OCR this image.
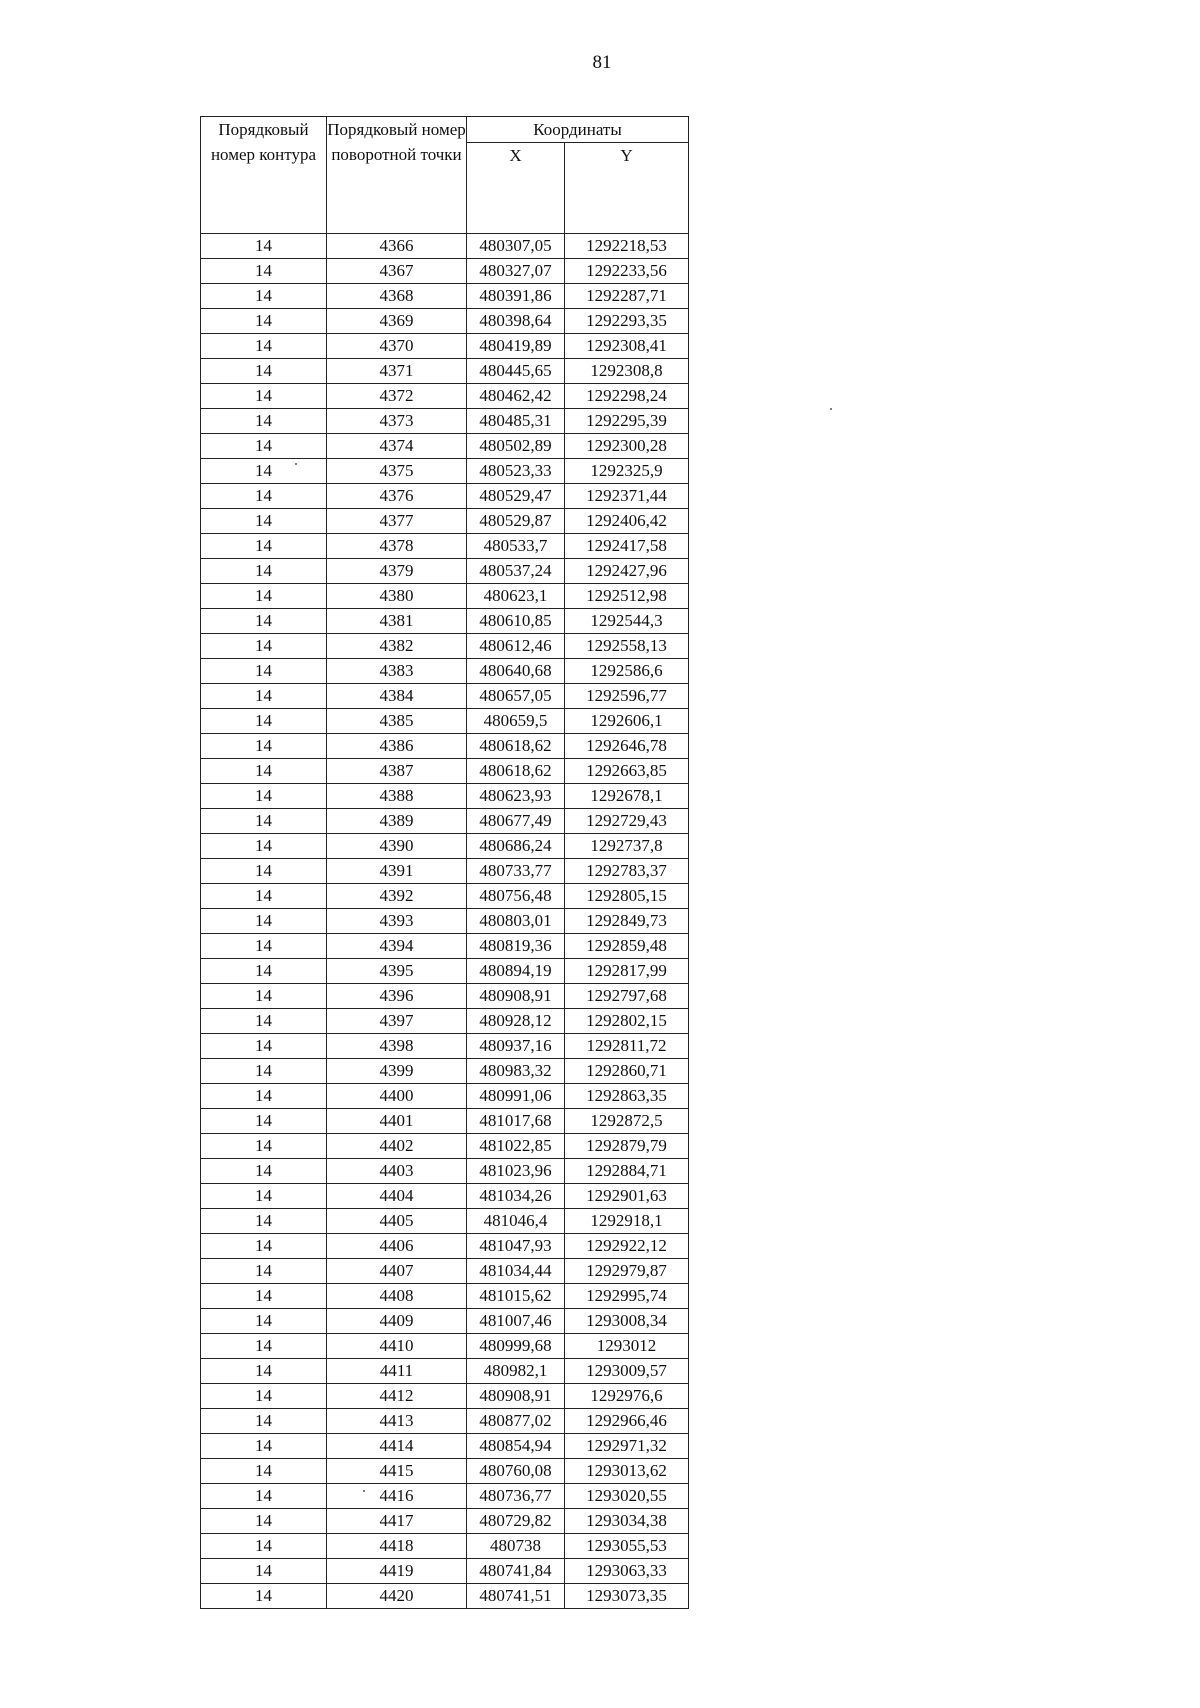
81
Порядковый номер контура	Порядковый номер поворотной точки	Координаты	
		X	Y
14	4366	480307,05	1292218,53
14	4367	480327,07	1292233,56
14	4368	480391,86	1292287,71
14	4369	480398,64	1292293,35
14	4370	480419,89	1292308,41
14	4371	480445,65	1292308,8
14	4372	480462,42	1292298,24
14	4373	480485,31	1292295,39
14	4374	480502,89	1292300,28
14	4375	480523,33	1292325,9
14	4376	480529,47	1292371,44
14	4377	480529,87	1292406,42
14	4378	480533,7	1292417,58
14	4379	480537,24	1292427,96
14	4380	480623,1	1292512,98
14	4381	480610,85	1292544,3
14	4382	480612,46	1292558,13
14	4383	480640,68	1292586,6
14	4384	480657,05	1292596,77
14	4385	480659,5	1292606,1
14	4386	480618,62	1292646,78
14	4387	480618,62	1292663,85
14	4388	480623,93	1292678,1
14	4389	480677,49	1292729,43
14	4390	480686,24	1292737,8
14	4391	480733,77	1292783,37
14	4392	480756,48	1292805,15
14	4393	480803,01	1292849,73
14	4394	480819,36	1292859,48
14	4395	480894,19	1292817,99
14	4396	480908,91	1292797,68
14	4397	480928,12	1292802,15
14	4398	480937,16	1292811,72
14	4399	480983,32	1292860,71
14	4400	480991,06	1292863,35
14	4401	481017,68	1292872,5
14	4402	481022,85	1292879,79
14	4403	481023,96	1292884,71
14	4404	481034,26	1292901,63
14	4405	481046,4	1292918,1
14	4406	481047,93	1292922,12
14	4407	481034,44	1292979,87
14	4408	481015,62	1292995,74
14	4409	481007,46	1293008,34
14	4410	480999,68	1293012
14	4411	480982,1	1293009,57
14	4412	480908,91	1292976,6
14	4413	480877,02	1292966,46
14	4414	480854,94	1292971,32
14	4415	480760,08	1293013,62
14	4416	480736,77	1293020,55
14	4417	480729,82	1293034,38
14	4418	480738	1293055,53
14	4419	480741,84	1293063,33
14	4420	480741,51	1293073,35
